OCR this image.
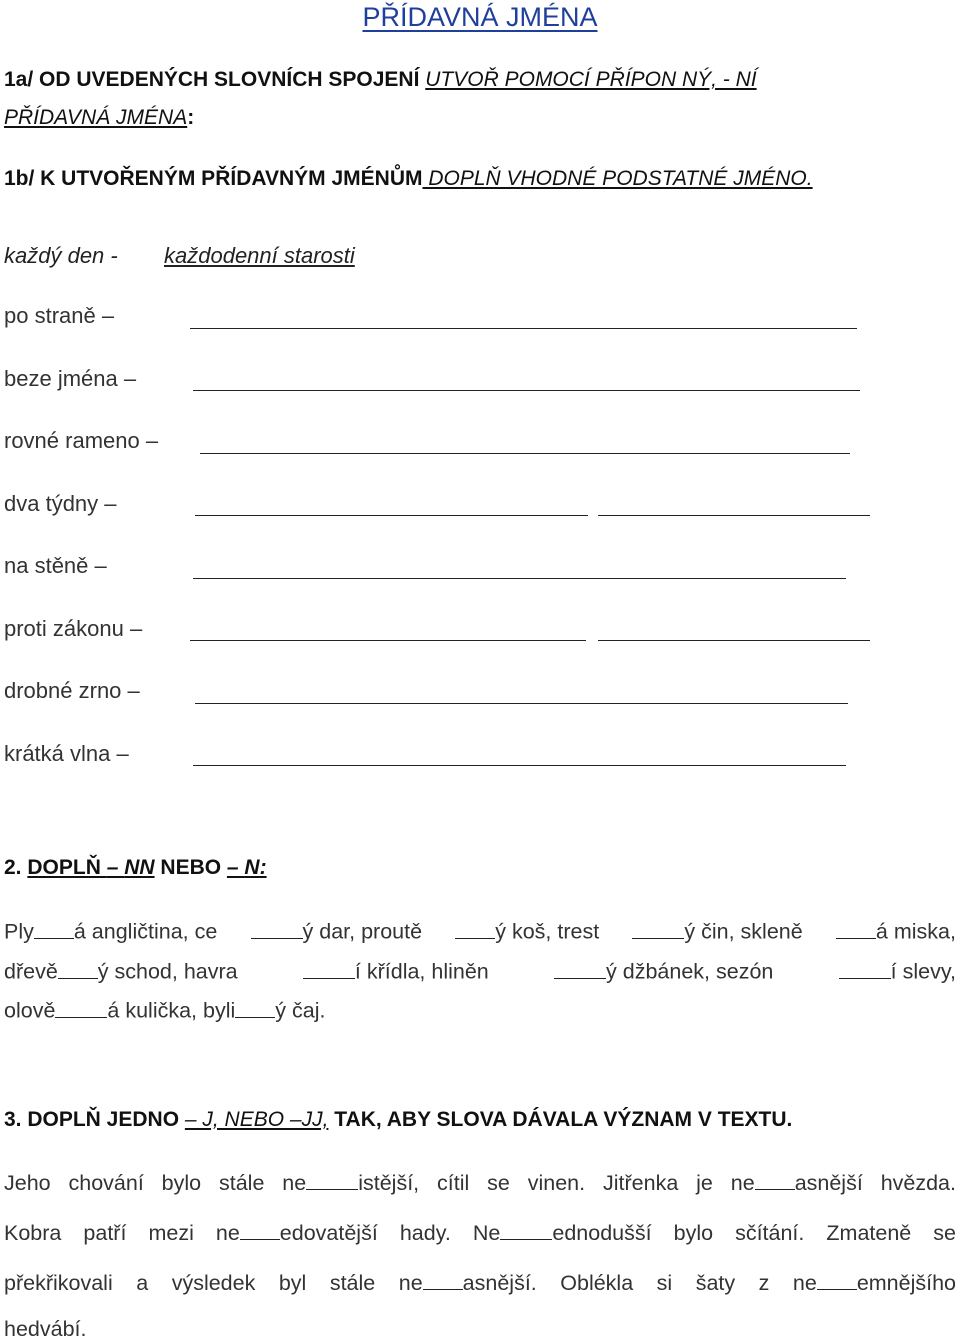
PŘÍDAVNÁ JMÉNA
1a/ OD UVEDENÝCH SLOVNÍCH SPOJENÍ UTVOŘ POMOCÍ PŘÍPON NÝ, - NÍ
PŘÍDAVNÁ JMÉNA:
1b/ K UTVOŘENÝM PŘÍDAVNÝM JMÉNŮM DOPLŇ VHODNÉ PODSTATNÉ JMÉNO.
každý den - každodenní starosti
po straně –
beze jména –
rovné rameno –
dva týdny –
na stěně –
proti zákonu –
drobné zrno –
krátká vlna –
2. DOPLŇ – NN NEBO – N:
Ply á angličtina, ce	ý dar, proutě	ý koš, trest	ý čin, skleně	á miska,
dřevě ý schod, havra	í křídla, hliněn	ý džbánek, sezón	í slevy,
olově á kulička, byli ý čaj.
3. DOPLŇ JEDNO – J, NEBO –JJ, TAK, ABY SLOVA DÁVALA VÝZNAM V TEXTU.
Jeho chování bylo stále ne istější, cítil se vinen. Jitřenka je ne asnější hvězda.
Kobra patří mezi ne edovatější hady. Ne ednodušší bylo sčítání. Zmateně se
překřikovali a výsledek byl stále ne asnější. Oblékla si šaty z ne emnějšího
hedvábí.
